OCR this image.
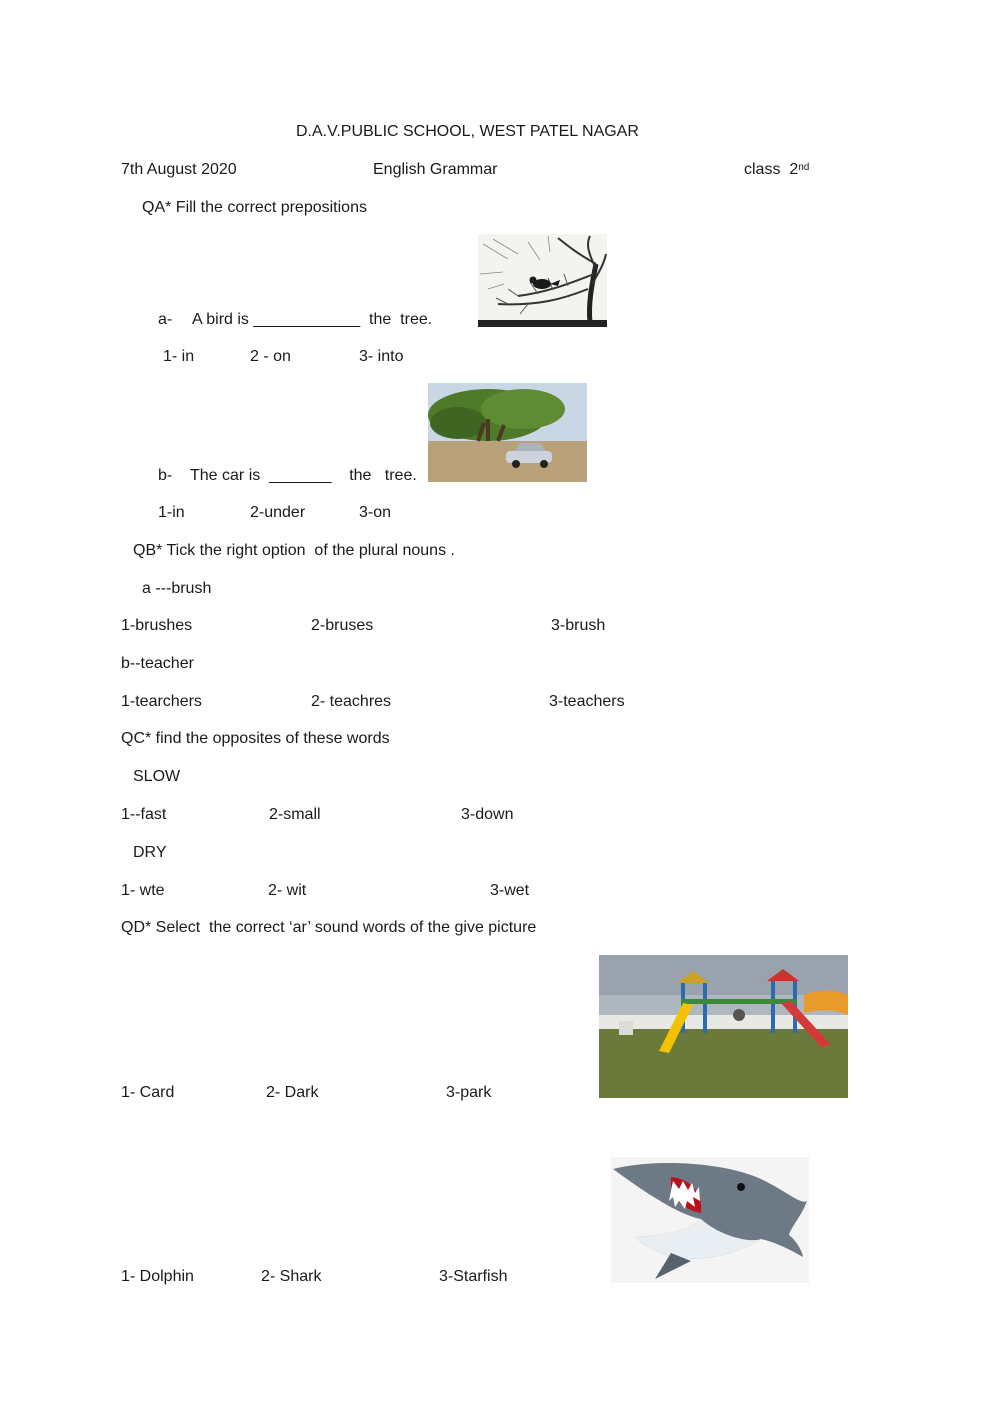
D.A.V.PUBLIC SCHOOL, WEST PATEL NAGAR
7th August 2020	English Grammar	class  2nd
QA* Fill the correct prepositions
a- A bird is ____________  the  tree.
1- in	2 - on	3- into
b- The car is  _______    the   tree.
1-in	2-under	3-on
QB* Tick the right option  of the plural nouns .
a ---brush
1-brushes	2-bruses	3-brush
b--teacher
1-tearchers	2- teachres	3-teachers
QC* find the opposites of these words
SLOW
1--fast	2-small	3-down
DRY
1- wte	2- wit	3-wet
QD* Select  the correct ‘ar’ sound words of the give picture
1- Card	2- Dark	3-park
1- Dolphin	2- Shark	3-Starfish
